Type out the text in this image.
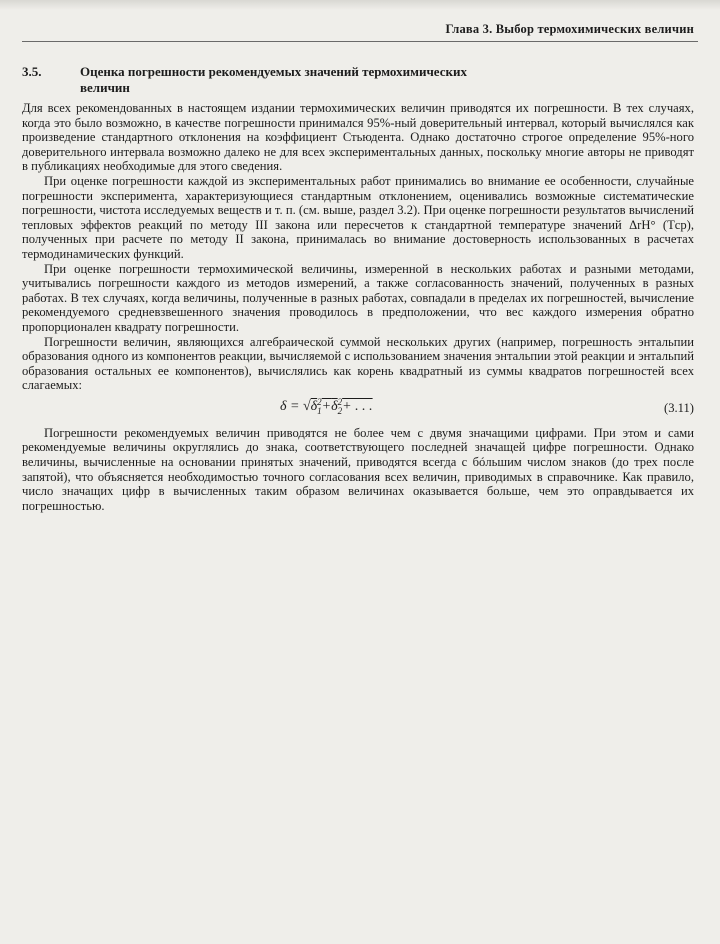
Глава 3. Выбор термохимических величин
3.5.	Оценка погрешности рекомендуемых значений термохимических величин

Для всех рекомендованных в настоящем издании термохимических величин приводятся их погрешности. В тех случаях, когда это было возможно, в качестве погрешности принимался 95%-ный доверительный интервал, который вычислялся как произведение стандартного отклонения на коэффициент Стьюдента. Однако достаточно строгое определение 95%-ного доверительного интервала возможно далеко не для всех экспериментальных данных, поскольку многие авторы не приводят в публикациях необходимые для этого сведения.

При оценке погрешности каждой из экспериментальных работ принимались во внимание ее особенности, случайные погрешности эксперимента, характеризующиеся стандартным отклонением, оценивались возможные систематические погрешности, чистота исследуемых веществ и т. п. (см. выше, раздел 3.2). При оценке погрешности результатов вычислений тепловых эффектов реакций по методу III закона или пересчетов к стандартной температуре значений ΔrH° (Tср), полученных при расчете по методу II закона, принималась во внимание достоверность использованных в расчетах термодинамических функций.

При оценке погрешности термохимической величины, измеренной в нескольких работах и разными методами, учитывались погрешности каждого из методов измерений, а также согласованность значений, полученных в разных работах. В тех случаях, когда величины, полученные в разных работах, совпадали в пределах их погрешностей, вычисление рекомендуемого средневзвешенного значения проводилось в предположении, что вес каждого измерения обратно пропорционален квадрату погрешности.

Погрешности величин, являющихся алгебраической суммой нескольких других (например, погрешность энтальпии образования одного из компонентов реакции, вычисляемой с использованием значения энтальпии этой реакции и энтальпий образования остальных ее компонентов), вычислялись как корень квадратный из суммы квадратов погрешностей всех слагаемых:

δ = √δ 2
1 +δ 2
2 + . . .	(3.11)

Погрешности рекомендуемых величин приводятся не более чем с двумя значащими цифрами. При этом и сами рекомендуемые величины округлялись до знака, соответствующего последней значащей цифре погрешности. Однако величины, вычисленные на основании принятых значений, приводятся всегда с бóльшим числом знаков (до трех после запятой), что объясняется необходимостью точного согласования всех величин, приводимых в справочнике. Как правило, число значащих цифр в вычисленных таким образом величинах оказывается больше, чем это оправдывается их погрешностью.
